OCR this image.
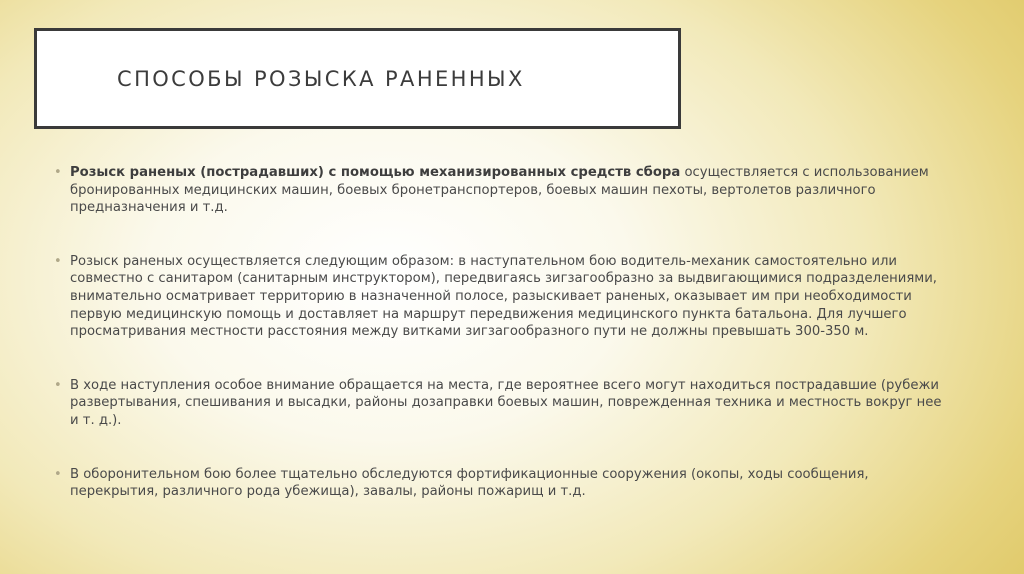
СПОСОБЫ РОЗЫСКА РАНЕННЫХ
• Розыск раненых (пострадавших) с помощью механизированных средств сбора осуществляется с использованием бронированных медицинских машин, боевых бронетранспортеров, боевых машин пехоты, вертолетов различного предназначения и т.д.
• Розыск раненых осуществляется следующим образом: в наступательном бою водитель-механик самостоятельно или совместно с санитаром (санитарным инструктором), передвигаясь зигзагообразно за выдвигающимися подразделениями, внимательно осматривает территорию в назначенной полосе, разыскивает раненых, оказывает им при необходимости первую медицинскую помощь и доставляет на маршрут передвижения медицинского пункта батальона. Для лучшего просматривания местности расстояния между витками зигзагообразного пути не должны превышать 300-350 м.
• В ходе наступления особое внимание обращается на места, где вероятнее всего могут находиться пострадавшие (рубежи развертывания, спешивания и высадки, районы дозаправки боевых машин, поврежденная техника и местность вокруг нее и т. д.).
• В оборонительном бою более тщательно обследуются фортификационные сооружения (окопы, ходы сообщения, перекрытия, различного рода убежища), завалы, районы пожарищ и т.д.
